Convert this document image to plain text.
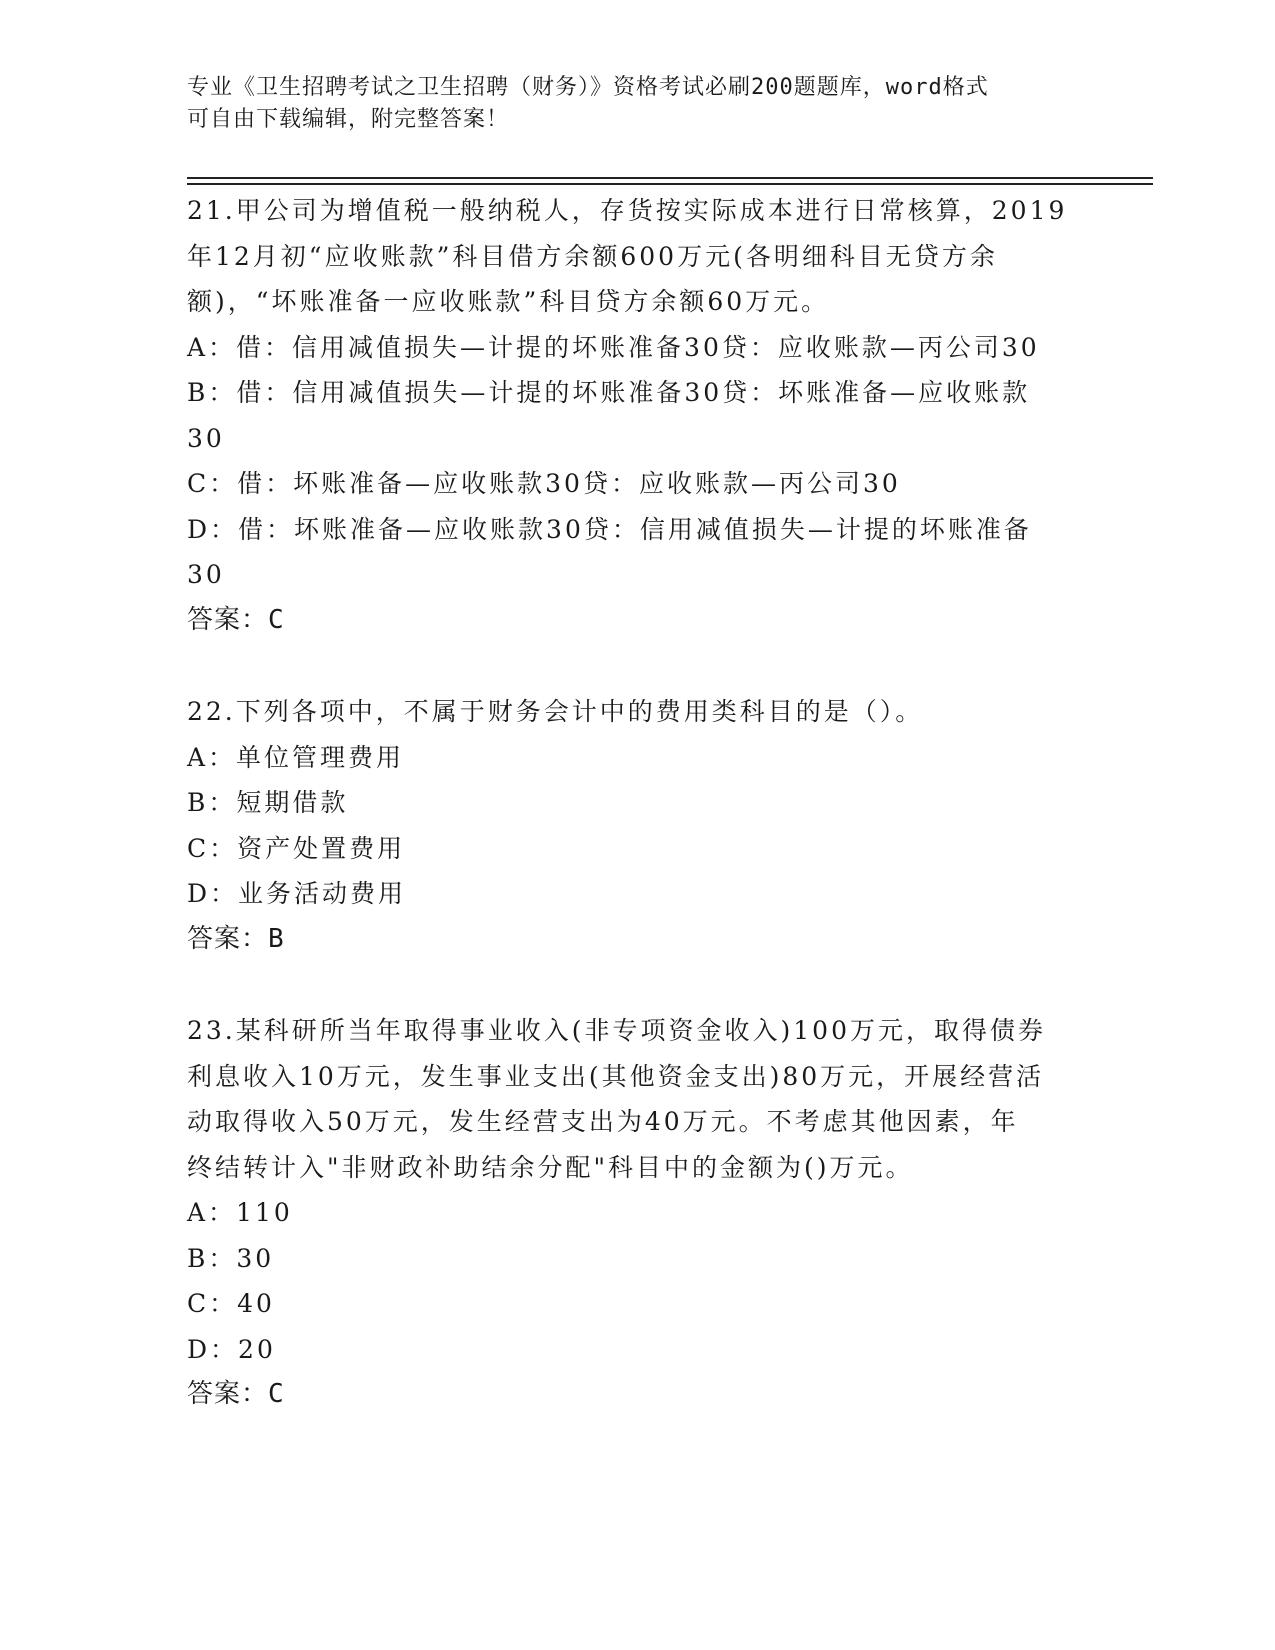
专业《卫生招聘考试之卫生招聘（财务）》资格考试必刷200题题库，word格式
可自由下载编辑，附完整答案！
21.甲公司为增值税一般纳税人，存货按实际成本进行日常核算，2019
年12月初“应收账款”科目借方余额600万元(各明细科目无贷方余
额)，“坏账准备一应收账款”科目贷方余额60万元。
A：借：信用减值损失—计提的坏账准备30贷：应收账款—丙公司30
B：借：信用减值损失—计提的坏账准备30贷：坏账准备—应收账款
30
C：借：坏账准备—应收账款30贷：应收账款—丙公司30
D：借：坏账准备—应收账款30贷：信用减值损失—计提的坏账准备
30
答案：C
22.下列各项中，不属于财务会计中的费用类科目的是（）。
A：单位管理费用
B：短期借款
C：资产处置费用
D：业务活动费用
答案：B
23.某科研所当年取得事业收入(非专项资金收入)100万元，取得债券
利息收入10万元，发生事业支出(其他资金支出)80万元，开展经营活
动取得收入50万元，发生经营支出为40万元。不考虑其他因素，年
终结转计入"非财政补助结余分配"科目中的金额为()万元。
A：110
B：30
C：40
D：20
答案：C
